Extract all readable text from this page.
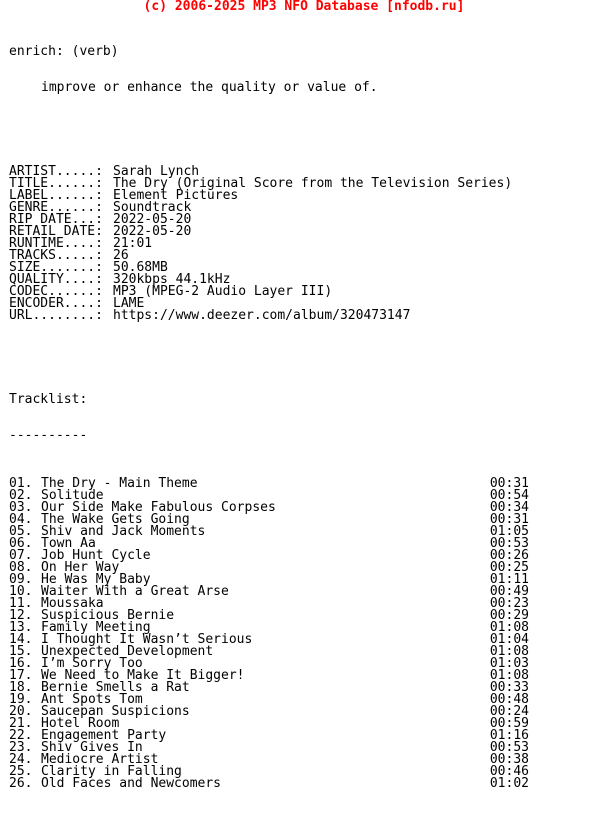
(c) 2006-2025 MP3 NFO Database [nfodb.ru]

enrich: (verb)

improve or enhance the quality or value of.

ARTIST.....: Sarah Lynch
TITLE......: The Dry (Original Score from the Television Series)
LABEL......: Element Pictures
GENRE......: Soundtrack
RIP DATE...: 2022-05-20
RETAIL DATE: 2022-05-20
RUNTIME....: 21:01
TRACKS.....: 26
SIZE.......: 50.68MB
QUALITY....: 320kbps 44.1kHz
CODEC......: MP3 (MPEG-2 Audio Layer III)
ENCODER....: LAME
URL........: https://www.deezer.com/album/320473147

Tracklist:

----------

01. The Dry - Main Theme	00:31
02. Solitude	00:54
03. Our Side Make Fabulous Corpses	00:34
04. The Wake Gets Going	00:31
05. Shiv and Jack Moments	01:05
06. Town Aa	00:53
07. Job Hunt Cycle	00:26
08. On Her Way	00:25
09. He Was My Baby	01:11
10. Waiter With a Great Arse	00:49
11. Moussaka	00:23
12. Suspicious Bernie	00:29
13. Family Meeting	01:08
14. I Thought It Wasn’t Serious	01:04
15. Unexpected Development	01:08
16. I’m Sorry Too	01:03
17. We Need to Make It Bigger!	01:08
18. Bernie Smells a Rat	00:33
19. Ant Spots Tom	00:48
20. Saucepan Suspicions	00:24
21. Hotel Room	00:59
22. Engagement Party	01:16
23. Shiv Gives In	00:53
24. Mediocre Artist	00:38
25. Clarity in Falling	00:46
26. Old Faces and Newcomers	01:02
